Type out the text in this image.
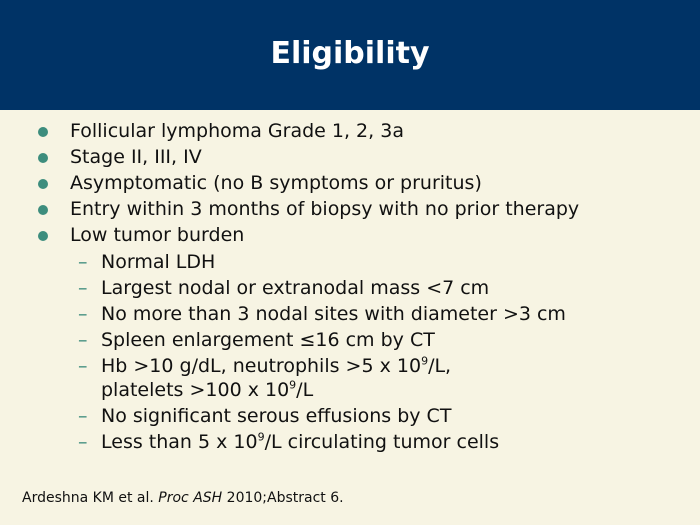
Eligibility
Follicular lymphoma Grade 1, 2, 3a
Stage II, III, IV
Asymptomatic (no B symptoms or pruritus)
Entry within 3 months of biopsy with no prior therapy
Low tumor burden
– Normal LDH
– Largest nodal or extranodal mass <7 cm
– No more than 3 nodal sites with diameter >3 cm
– Spleen enlargement ≤16 cm by CT
– Hb >10 g/dL, neutrophils >5 x $10^9/L$,
platelets >100 x $10^9/L$
– No significant serous effusions by CT
– Less than 5 x $10^9/L$ circulating tumor cells
Ardeshna KM et al. Proc ASH 2010;Abstract 6.
